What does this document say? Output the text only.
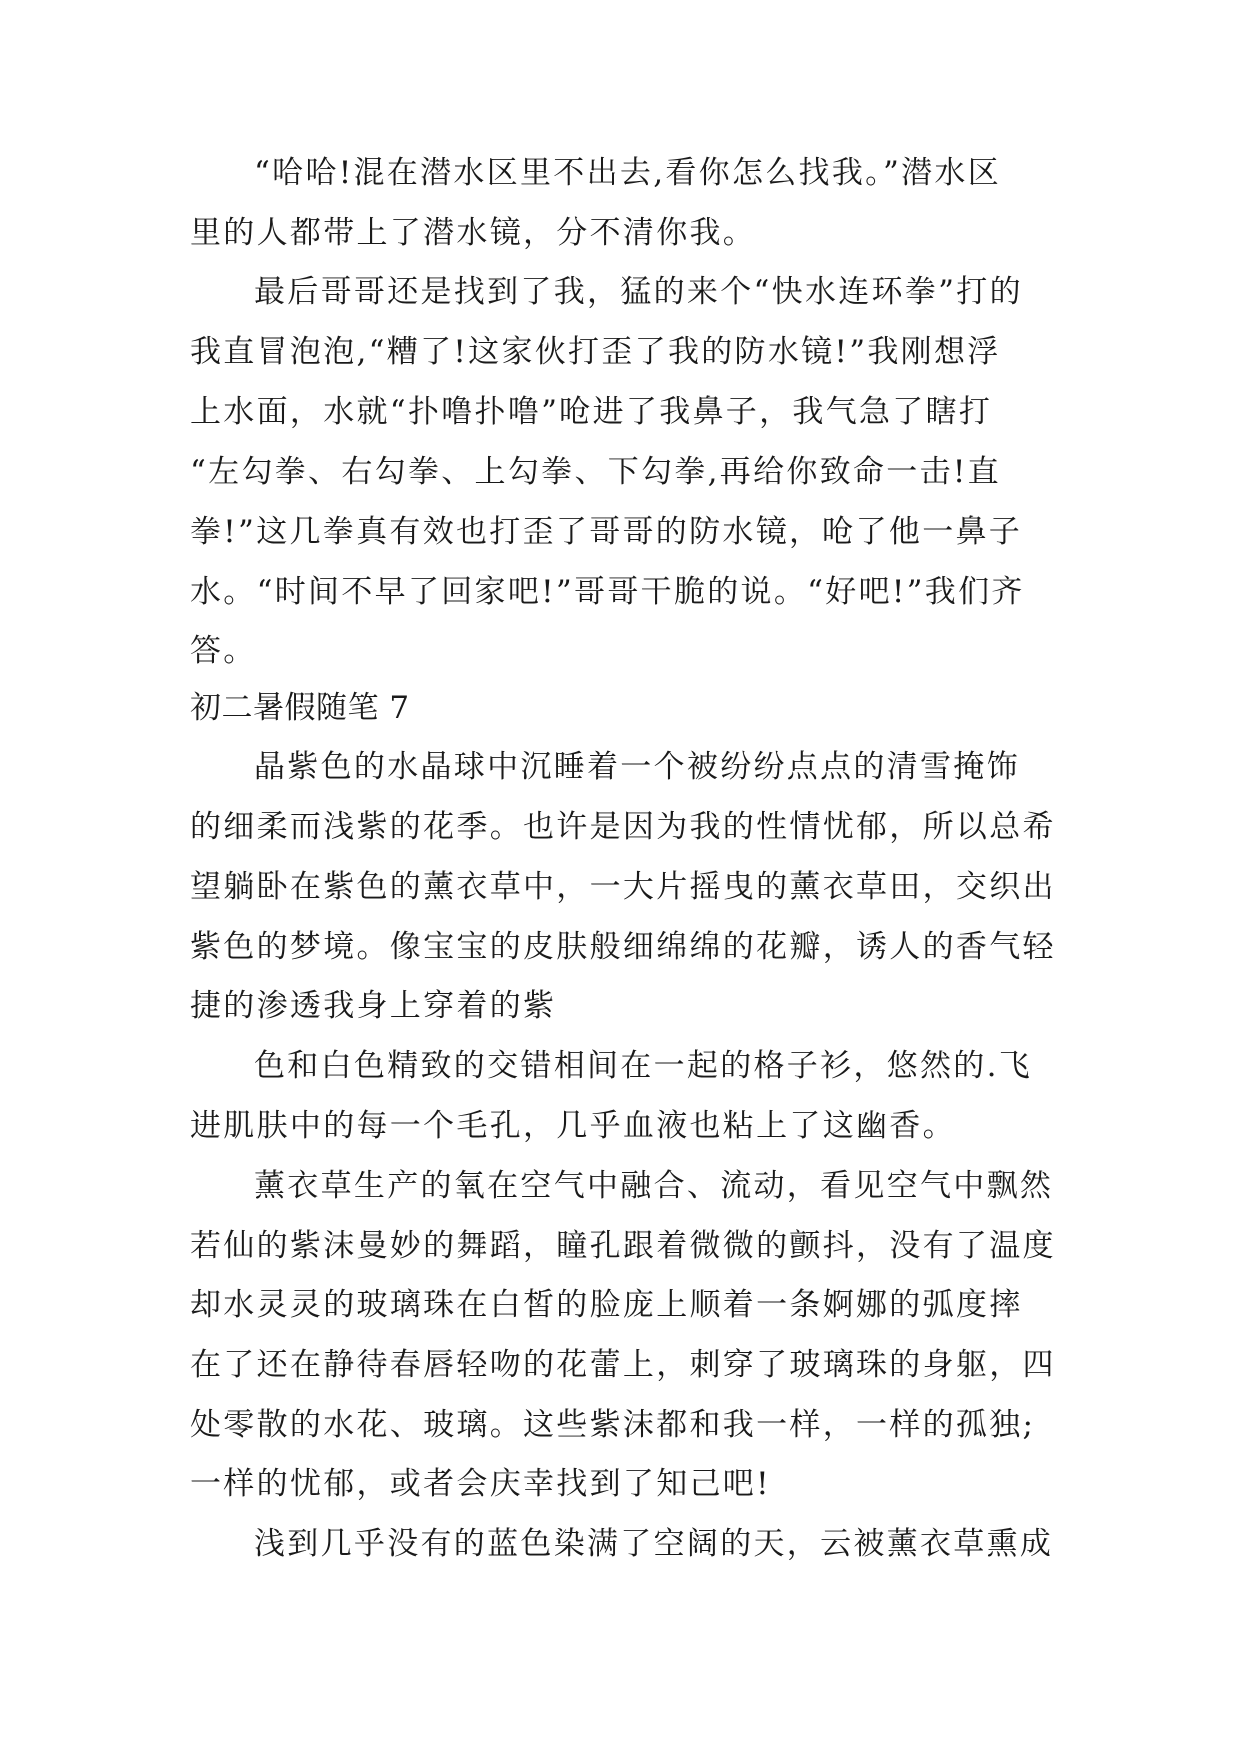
“哈哈!混在潜水区里不出去,看你怎么找我。”潜水区
里的人都带上了潜水镜，分不清你我。
最后哥哥还是找到了我，猛的来个“快水连环拳”打的
我直冒泡泡,“糟了!这家伙打歪了我的防水镜!”我刚想浮
上水面，水就“扑噜扑噜”呛进了我鼻子，我气急了瞎打
“左勾拳、右勾拳、上勾拳、下勾拳,再给你致命一击!直
拳!”这几拳真有效也打歪了哥哥的防水镜，呛了他一鼻子
水。“时间不早了回家吧!”哥哥干脆的说。“好吧!”我们齐
答。
初二暑假随笔 7
晶紫色的水晶球中沉睡着一个被纷纷点点的清雪掩饰
的细柔而浅紫的花季。也许是因为我的性情忧郁，所以总希
望躺卧在紫色的薰衣草中，一大片摇曳的薰衣草田，交织出
紫色的梦境。像宝宝的皮肤般细绵绵的花瓣，诱人的香气轻
捷的渗透我身上穿着的紫
色和白色精致的交错相间在一起的格子衫，悠然的.飞
进肌肤中的每一个毛孔，几乎血液也粘上了这幽香。
薰衣草生产的氧在空气中融合、流动，看见空气中飘然
若仙的紫沫曼妙的舞蹈，瞳孔跟着微微的颤抖，没有了温度
却水灵灵的玻璃珠在白皙的脸庞上顺着一条婀娜的弧度摔
在了还在静待春唇轻吻的花蕾上，刺穿了玻璃珠的身躯，四
处零散的水花、玻璃。这些紫沫都和我一样，一样的孤独;
一样的忧郁，或者会庆幸找到了知己吧!
浅到几乎没有的蓝色染满了空阔的天，云被薰衣草熏成
